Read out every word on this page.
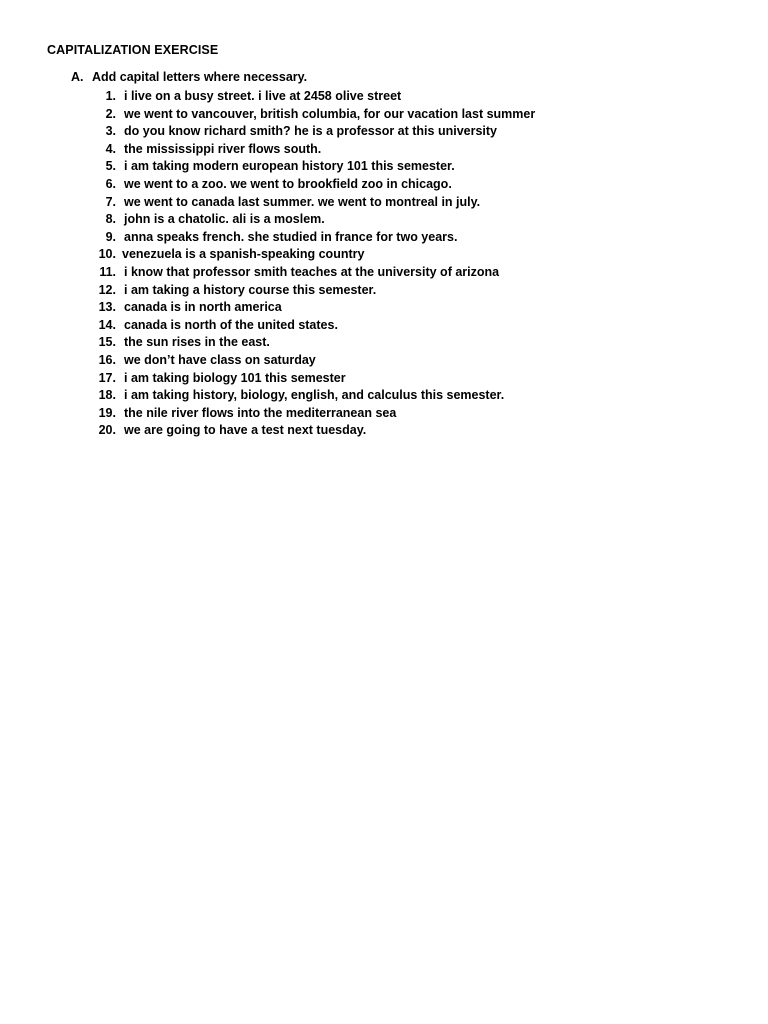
CAPITALIZATION EXERCISE
A. Add capital letters where necessary.
1. i live on a busy street. i live at 2458 olive street
2. we went to vancouver, british columbia, for our vacation last summer
3. do you know richard smith? he is a professor at this university
4. the mississippi river flows south.
5. i am taking modern european history 101 this semester.
6. we went to a zoo. we went to brookfield zoo in chicago.
7. we went to canada last summer. we went to montreal in july.
8. john is a chatolic. ali is a moslem.
9. anna speaks french. she studied in france for two years.
10. venezuela is a spanish-speaking country
11. i know that professor smith teaches at the university of arizona
12. i am taking a history course this semester.
13. canada is in north america
14. canada is north of the united states.
15. the sun rises in the east.
16. we don’t have class on saturday
17. i am taking biology 101 this semester
18. i am taking history, biology, english, and calculus this semester.
19. the nile river flows into the mediterranean sea
20. we are going to have a test next tuesday.
